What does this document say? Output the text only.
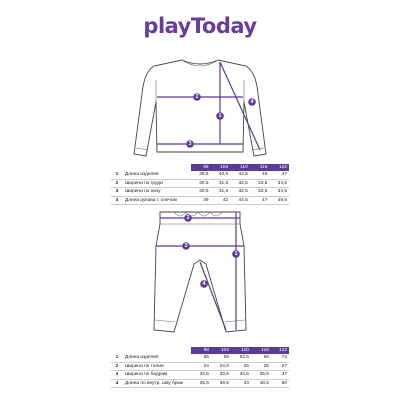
playToday
1
2
3
4
		98	104	110	116	122
1	Длина изделия	38,5	40,5	42,5	45	47
2	Ширина по груди	30,5	31,5	32,5	33,5	34,5
3	Ширина по низу	30,5	31,5	32,5	33,5	34,5
4	Длина рукава с плечом	39	42	44,5	47	49,5
1
2
3
4
		98	104	110	116	122
1	Длина изделия	55	59	63,5	68	72
2	Ширина по талии	24	24,5	25	26	27
3	Ширина по бедрам	32,5	33,5	34,5	35,5	37
4	Длина по внутр. шву брюк	35,5	39,5	43	46,5	50
